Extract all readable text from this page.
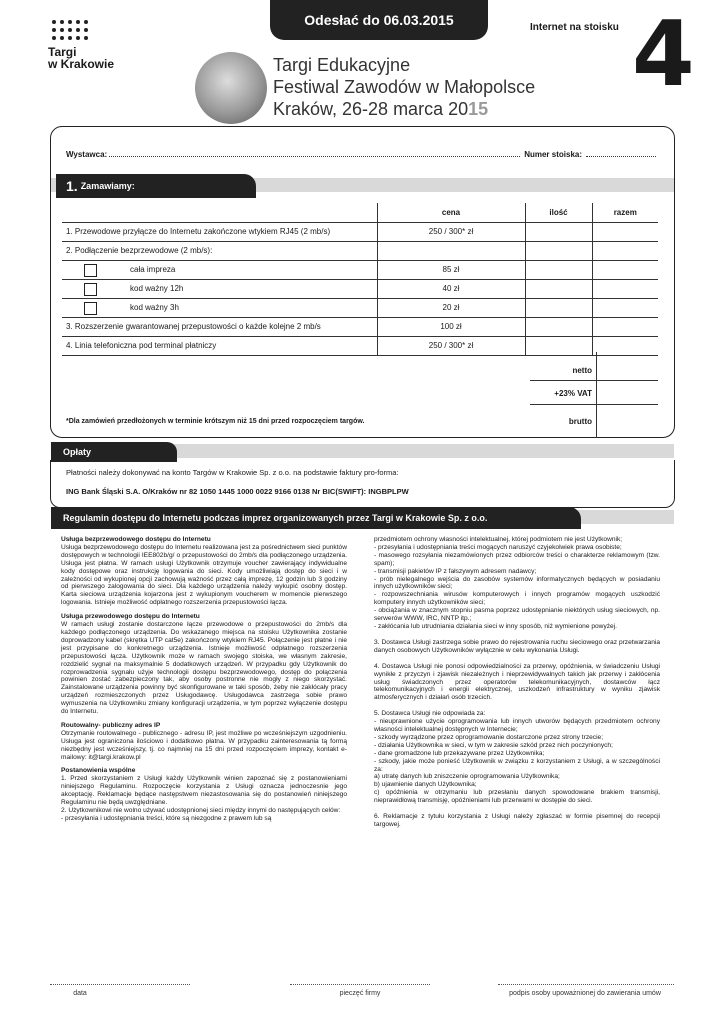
Targi
w Krakowie
Odesłać do 06.03.2015	Internet na stoisku 4
Targi Edukacyjne
Festiwal Zawodów w Małopolsce
Kraków, 26-28 marca 2015
Wystawca:	Numer stoiska:
1. Zamawiamy:
	cena	ilość	razem
1. Przewodowe przyłącze do Internetu zakończone wtykiem RJ45 (2 mb/s)	250 / 300* zł		
2. Podłączenie bezprzewodowe (2 mb/s):			

cała impreza	85 zł		

kod ważny 12h	40 zł		

kod ważny 3h	20 zł		
3. Rozszerzenie gwarantowanej przepustowości o każde kolejne 2 mb/s	100 zł		
4. Linia telefoniczna pod terminal płatniczy	250 / 300* zł		
netto
+23% VAT
brutto
*Dla zamówień przedłożonych w terminie krótszym niż 15 dni przed rozpoczęciem targów.
Opłaty
Płatności należy dokonywać na konto Targów w Krakowie Sp. z o.o. na podstawie faktury pro-forma:
ING Bank Śląski S.A. O/Kraków nr 82 1050 1445 1000 0022 9166 0138 Nr BIC(SWIFT): INGBPLPW
Regulamin dostępu do Internetu podczas imprez organizowanych przez Targi w Krakowie Sp. z o.o.
Usługa bezprzewodowego dostępu do Internetu

Usługa bezprzewodowego dostępu do Internetu realizowana jest za pośrednictwem sieci punktów dostępowych w technologii IEE802b/g/ o przepustowości do 2mb/s dla podłączonego urządzenia. Usługa jest płatna. W ramach usługi Użytkownik otrzymuje voucher zawierający indywidualne kody dostępowe oraz instrukcję logowania do sieci. Kody umożliwiają dostęp do sieci i w zależności od wykupionej opcji zachowują ważność przez całą imprezę, 12 godzin lub 3 godziny od pierwszego zalogowania do sieci. Dla każdego urządzenia należy wykupić osobny dostęp. Karta sieciowa urządzenia kojarzona jest z wykupionym voucherem w momencie pierwszego logowania. Istnieje możliwość odpłatnego rozszerzenia przepustowości łącza.

Usługa przewodowego dostępu do Internetu

W ramach usługi zostanie dostarczone łącze przewodowe o przepustowości do 2mb/s dla każdego podłączonego urządzenia. Do wskazanego miejsca na stoisku Użytkownika zostanie doprowadzony kabel (skrętka UTP cat5e) zakończony wtykiem RJ45. Połączenie jest płatne i nie jest przypisane do konkretnego urządzenia. Istnieje możliwość odpłatnego rozszerzenia przepustowości łącza. Użytkownik może w ramach swojego stoiska, we własnym zakresie, rozdzielić sygnał na maksymalnie 5 dodatkowych urządzeń. W przypadku gdy Użytkownik do rozprowadzenia sygnału użyje technologii dostępu bezprzewodowego, dostęp do połączenia powinien zostać zabezpieczony tak, aby osoby postronne nie mogły z niego skorzystać. Zainstalowane urządzenia powinny być skonfigurowane w taki sposób, żeby nie zakłócały pracy urządzeń rozmieszczonych przez Usługodawcę. Usługodawca zastrzega sobie prawo wymuszenia na Użytkowniku zmiany konfiguracji urządzenia, w tym poprzez wyłączenie dostępu do Internetu.

Routowalny- publiczny adres IP

Otrzymanie routowalnego - publicznego - adresu IP, jest możliwe po wcześniejszym uzgodnieniu. Usługa jest ograniczona ilościowo i dodatkowo płatna. W przypadku zainteresowania tą formą niezbędny jest wcześniejszy, tj. co najmniej na 15 dni przed rozpoczęciem imprezy, kontakt e-mailowy: it@targi.krakow.pl

Postanowienia wspólne

1. Przed skorzystaniem z Usługi każdy Użytkownik winien zapoznać się z postanowieniami niniejszego Regulaminu. Rozpoczęcie korzystania z Usługi oznacza jednoczesnie jego akceptację. Reklamacje będące następstwem niezastosowania się do postanowień niniejszego Regulaminu nie będą uwzględniane.

2. Użytkownikowi nie wolno używać udostępnionej sieci między innymi do następujących celów:

- przesyłania i udostępniania treści, które są niezgodne z prawem lub są

przedmiotem ochrony własności intelektualnej, której podmiotem nie jest Użytkownik;

- przesyłania i udostępniania treści mogących naruszyć czyjekolwiek prawa osobiste;

- masowego rozsyłania niezamówionych przez odbiorców treści o charakterze reklamowym (tzw. spam);

- transmisji pakietów IP z fałszywym adresem nadawcy;

- prób nielegalnego wejścia do zasobów systemów informatycznych będących w posiadaniu innych użytkowników sieci;

- rozpowszechniania wirusów komputerowych i innych programów mogących uszkodzić komputery innych użytkowników sieci;

- obciążania w znacznym stopniu pasma poprzez udostępnianie niektórych usług sieciowych, np. serwerów WWW, IRC, NNTP itp.;

- zakłócania lub utrudniania działania sieci w inny sposób, niż wymienione powyżej.

3. Dostawca Usługi zastrzega sobie prawo do rejestrowania ruchu sieciowego oraz przetwarzania danych osobowych Użytkowników wyłącznie w celu wykonania Usługi.

4. Dostawca Usługi nie ponosi odpowiedzialności za przerwy, opóźnienia, w świadczeniu Usługi wynikłe z przyczyn i zjawisk niezależnych i nieprzewidywalnych takich jak przerwy i zakłócenia usług świadczonych przez operatorów telekomunikacyjnych, dostawców łącz telekomunikacyjnych i energii elektrycznej, uszkodzeń infrastruktury w wyniku zjawisk atmosferycznych i działań osób trzecich.

5. Dostawca Usługi nie odpowiada za:

- nieuprawnione użycie oprogramowania lub innych utworów będących przedmiotem ochrony własności intelektualnej dostępnych w Internecie;

- szkody wyrządzone przez oprogramowanie dostarczone przez strony trzecie;

- działania Użytkownika w sieci, w tym w zakresie szkód przez nich poczynionych;

- dane gromadzone lub przekazywane przez Użytkownika;

- szkody, jakie może ponieść Użytkownik w związku z korzystaniem z Usługi, a w szczególności za:

a) utratę danych lub zniszczenie oprogramowania Użytkownika;

b) ujawnienie danych Użytkownika;

c) opóźnienia w otrzymaniu lub przesłaniu danych spowodowane brakiem transmisji, nieprawidłową transmisję, opóźnieniami lub przerwami w dostępie do sieci.

6. Reklamacje z tytułu korzystania z Usługi należy zgłaszać w formie pisemnej do recepcji targowej.

data	pieczęć firmy	podpis osoby upoważnionej do zawierania umów
